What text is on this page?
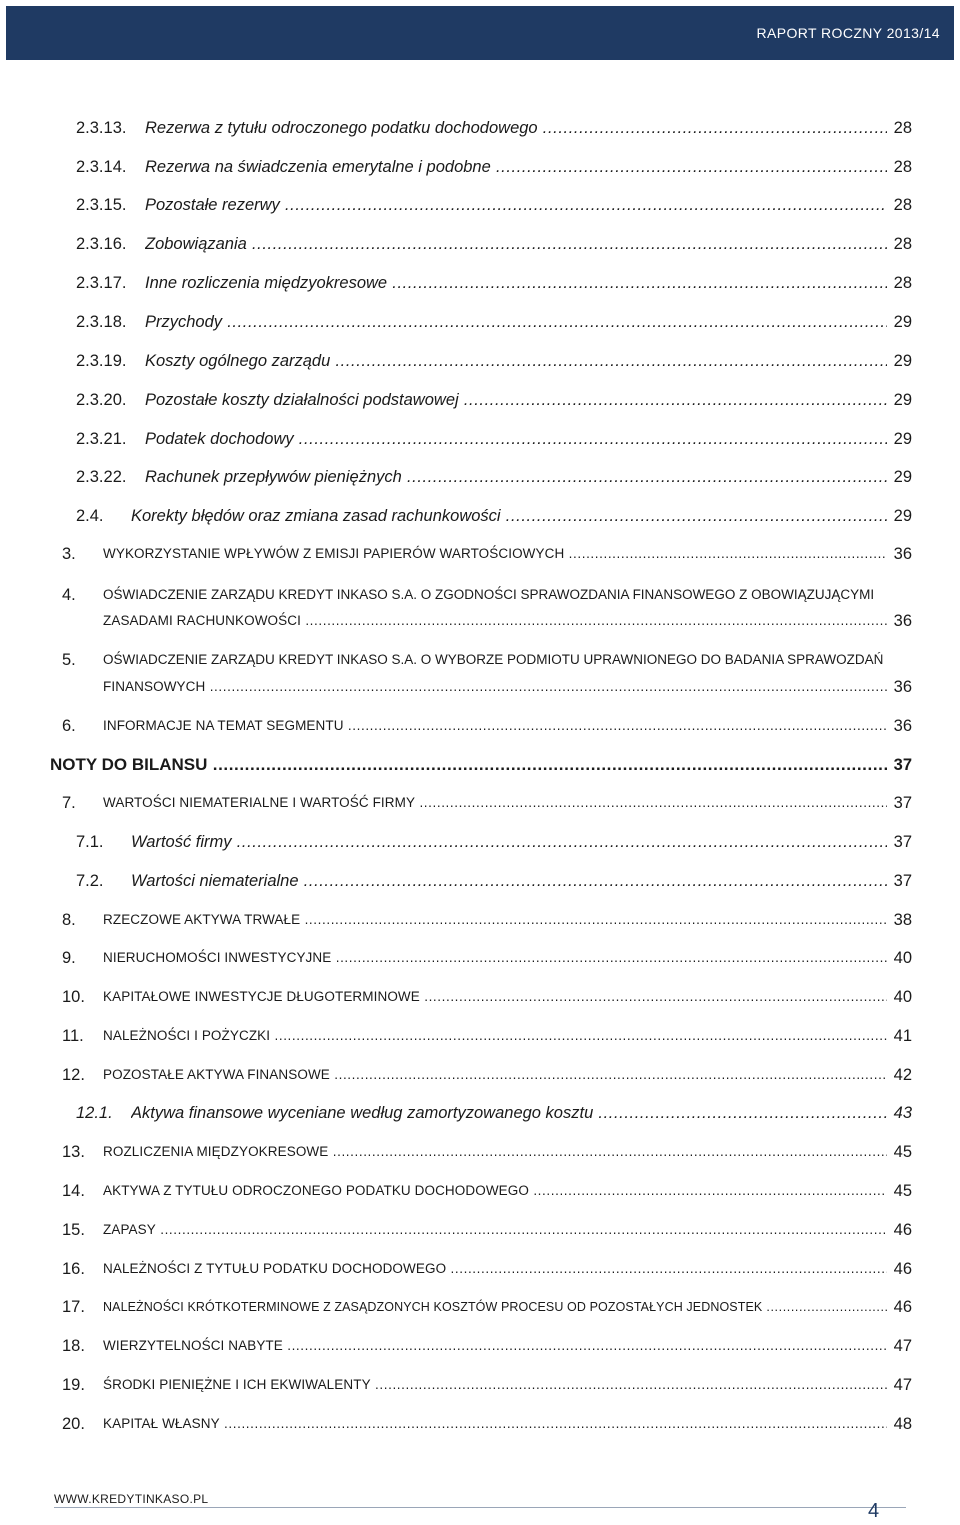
RAPORT ROCZNY 2013/14
2.3.13. Rezerwa z tytułu odroczonego podatku dochodowego .....	28
2.3.14. Rezerwa na świadczenia emerytalne i podobne .....	28
2.3.15. Pozostałe rezerwy .....	28
2.3.16. Zobowiązania .....	28
2.3.17. Inne rozliczenia międzyokresowe .....	28
2.3.18. Przychody .....	29
2.3.19. Koszty ogólnego zarządu .....	29
2.3.20. Pozostałe koszty działalności podstawowej .....	29
2.3.21. Podatek dochodowy .....	29
2.3.22. Rachunek przepływów pieniężnych .....	29
2.4. Korekty błędów oraz zmiana zasad rachunkowości .....	29
3. WYKORZYSTANIE WPŁYWÓW Z EMISJI PAPIERÓW WARTOŚCIOWYCH .....	36
4. OŚWIADCZENIE ZARZĄDU KREDYT INKASO S.A. O ZGODNOŚCI SPRAWOZDANIA FINANSOWEGO Z OBOWIĄZUJĄCYMI
ZASADAMI RACHUNKOWOŚCI .....	36
5. OŚWIADCZENIE ZARZĄDU KREDYT INKASO S.A. O WYBORZE PODMIOTU UPRAWNIONEGO DO BADANIA SPRAWOZDAŃ
FINANSOWYCH .....	36
6. INFORMACJE NA TEMAT SEGMENTU .....	36
NOTY DO BILANSU .....	37
7. WARTOŚCI NIEMATERIALNE I WARTOŚĆ FIRMY .....	37
7.1. Wartość firmy .....	37
7.2. Wartości niematerialne .....	37
8. RZECZOWE AKTYWA TRWAŁE .....	38
9. NIERUCHOMOŚCI INWESTYCYJNE .....	40
10. KAPITAŁOWE INWESTYCJE DŁUGOTERMINOWE .....	40
11. NALEŻNOŚCI I POŻYCZKI .....	41
12. POZOSTAŁE AKTYWA FINANSOWE .....	42
12.1. Aktywa finansowe wyceniane według zamortyzowanego kosztu .....	43
13. ROZLICZENIA MIĘDZYOKRESOWE .....	45
14. AKTYWA Z TYTUŁU ODROCZONEGO PODATKU DOCHODOWEGO .....	45
15. ZAPASY .....	46
16. NALEŻNOŚCI Z TYTUŁU PODATKU DOCHODOWEGO .....	46
17. NALEŻNOŚCI KRÓTKOTERMINOWE Z ZASĄDZONYCH KOSZTÓW PROCESU OD POZOSTAŁYCH JEDNOSTEK .....	46
18. WIERZYTELNOŚCI NABYTE .....	47
19. ŚRODKI PIENIĘŻNE I ICH EKWIWALENTY .....	47
20. KAPITAŁ WŁASNY .....	48
WWW.KREDYTINKASO.PL
4
